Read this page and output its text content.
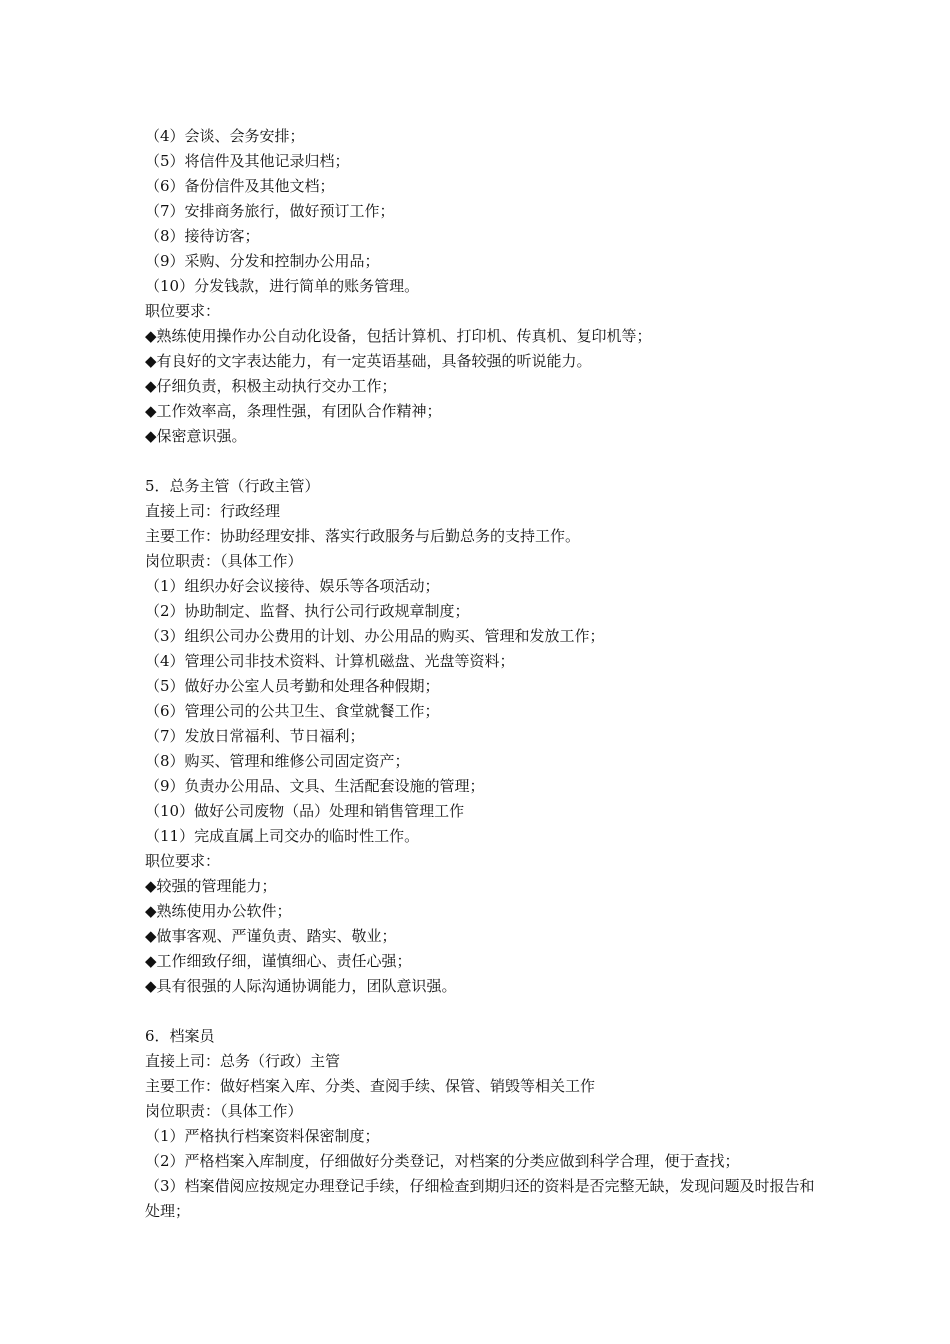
（4）会谈、会务安排；
（5）将信件及其他记录归档；
（6）备份信件及其他文档；
（7）安排商务旅行，做好预订工作；
（8）接待访客；
（9）采购、分发和控制办公用品；
（10）分发钱款，进行简单的账务管理。
职位要求：
◆熟练使用操作办公自动化设备，包括计算机、打印机、传真机、复印机等；
◆有良好的文字表达能力，有一定英语基础，具备较强的听说能力。
◆仔细负责，积极主动执行交办工作；
◆工作效率高，条理性强，有团队合作精神；
◆保密意识强。
5．总务主管（行政主管）
直接上司：行政经理
主要工作：协助经理安排、落实行政服务与后勤总务的支持工作。
岗位职责：（具体工作）
（1）组织办好会议接待、娱乐等各项活动；
（2）协助制定、监督、执行公司行政规章制度；
（3）组织公司办公费用的计划、办公用品的购买、管理和发放工作；
（4）管理公司非技术资料、计算机磁盘、光盘等资料；
（5）做好办公室人员考勤和处理各种假期；
（6）管理公司的公共卫生、食堂就餐工作；
（7）发放日常福利、节日福利；
（8）购买、管理和维修公司固定资产；
（9）负责办公用品、文具、生活配套设施的管理；
（10）做好公司废物（品）处理和销售管理工作
（11）完成直属上司交办的临时性工作。
职位要求：
◆较强的管理能力；
◆熟练使用办公软件；
◆做事客观、严谨负责、踏实、敬业；
◆工作细致仔细，谨慎细心、责任心强；
◆具有很强的人际沟通协调能力，团队意识强。
6．档案员
直接上司：总务（行政）主管
主要工作：做好档案入库、分类、查阅手续、保管、销毁等相关工作
岗位职责：（具体工作）
（1）严格执行档案资料保密制度；
（2）严格档案入库制度，仔细做好分类登记，对档案的分类应做到科学合理，便于查找；
（3）档案借阅应按规定办理登记手续，仔细检查到期归还的资料是否完整无缺，发现问题及时报告和处理；
